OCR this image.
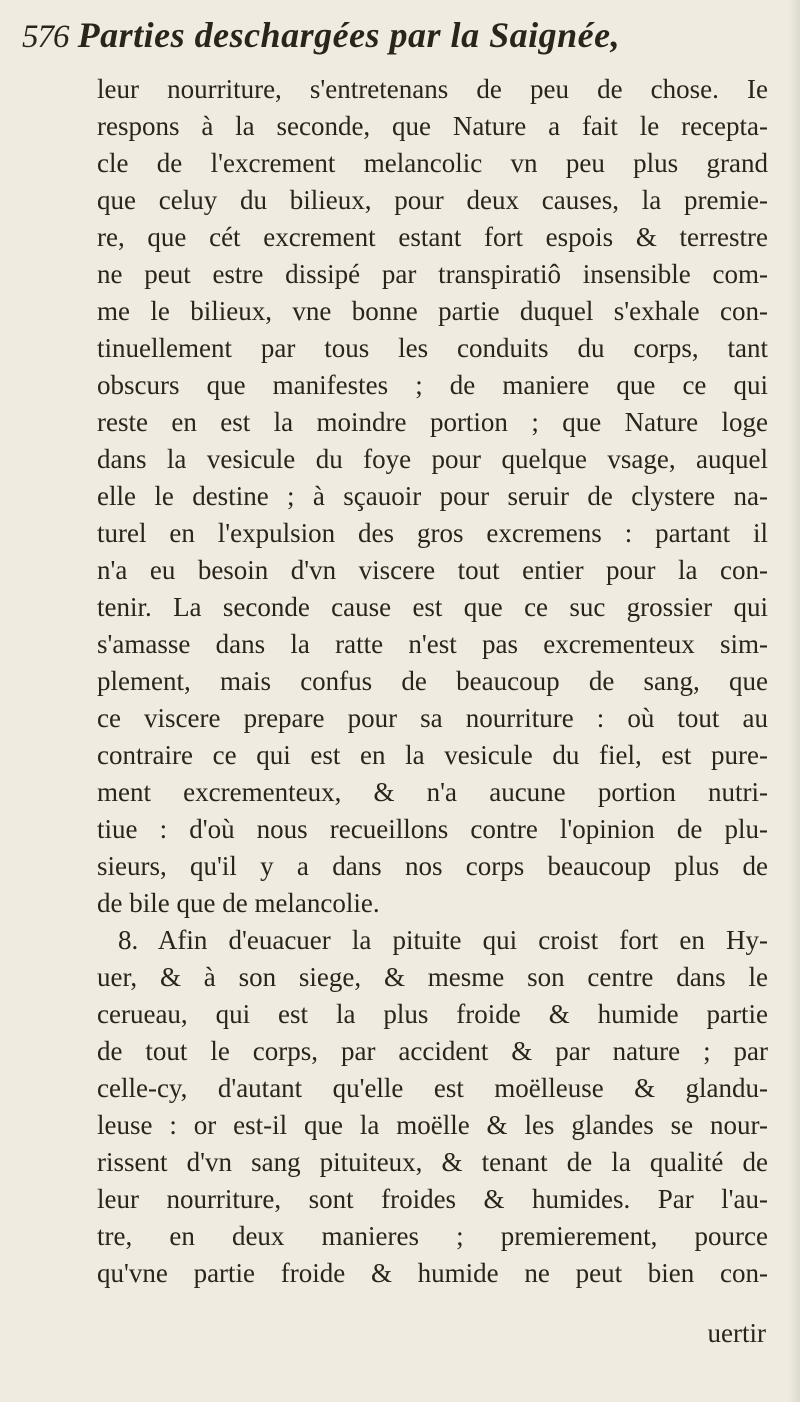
576 Parties deschargées par la Saignée,
leur nourriture, s'entretenans de peu de chose. Ie
respons à la seconde, que Nature a fait le recepta-
cle de l'excrement melancolic vn peu plus grand
que celuy du bilieux, pour deux causes, la premie-
re, que cét excrement estant fort espois & terrestre
ne peut estre dissipé par transpiratiô insensible com-
me le bilieux, vne bonne partie duquel s'exhale con-
tinuellement par tous les conduits du corps, tant
obscurs que manifestes ; de maniere que ce qui
reste en est la moindre portion ; que Nature loge
dans la vesicule du foye pour quelque vsage, auquel
elle le destine ; à sçauoir pour seruir de clystere na-
turel en l'expulsion des gros excremens : partant il
n'a eu besoin d'vn viscere tout entier pour la con-
tenir. La seconde cause est que ce suc grossier qui
s'amasse dans la ratte n'est pas excrementeux sim-
plement, mais confus de beaucoup de sang, que
ce viscere prepare pour sa nourriture : où tout au
contraire ce qui est en la vesicule du fiel, est pure-
ment excrementeux, & n'a aucune portion nutri-
tiue : d'où nous recueillons contre l'opinion de plu-
sieurs, qu'il y a dans nos corps beaucoup plus de
de bile que de melancolie.
8. Afin d'euacuer la pituite qui croist fort en Hy-
uer, & à son siege, & mesme son centre dans le
cerueau, qui est la plus froide & humide partie
de tout le corps, par accident & par nature ; par
celle-cy, d'autant qu'elle est moëlleuse & glandu-
leuse : or est-il que la moëlle & les glandes se nour-
rissent d'vn sang pituiteux, & tenant de la qualité de
leur nourriture, sont froides & humides. Par l'au-
tre, en deux manieres ; premierement, pource
qu'vne partie froide & humide ne peut bien con-
uertir
